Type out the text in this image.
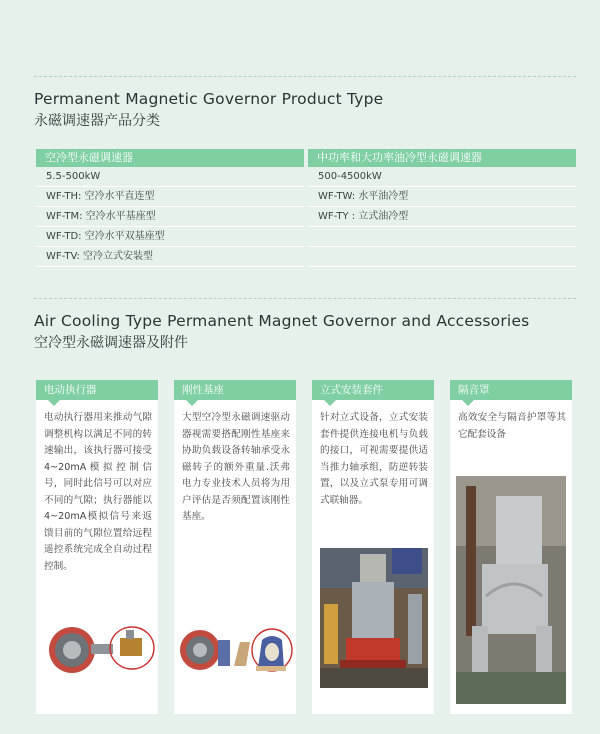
Permanent Magnetic Governor Product Type
永磁调速器产品分类
空冷型永磁调速器
5.5-500kW
WF-TH: 空冷水平直连型
WF-TM: 空冷水平基座型
WF-TD: 空冷水平双基座型
WF-TV: 空冷立式安装型
中功率和大功率油冷型永磁调速器
500-4500kW
WF-TW: 水平油冷型
WF-TY : 立式油冷型
Air Cooling Type Permanent Magnet Governor and Accessories
空冷型永磁调速器及附件
电动执行器
电动执行器用来推动气隙调整机构以满足不同的转速输出，该执行器可接受4~20mA模拟控制信号，同时此信号可以对应不同的气隙；执行器能以4~20mA模拟信号来返馈目前的气隙位置给远程遥控系统完成全自动过程控制。
刚性基座
大型空冷型永磁调速驱动器视需要搭配刚性基座来协助负载设备转轴承受永磁转子的额外重量.沃弗电力专业技术人员将为用户评估是否须配置该刚性基座。
立式安装套件
针对立式设备，立式安装套件提供连接电机与负载的接口，可视需要提供适当推力轴承组，防逆转装置，以及立式泵专用可调式联轴器。
隔音罩
高效安全与隔音护罩等其它配套设备
